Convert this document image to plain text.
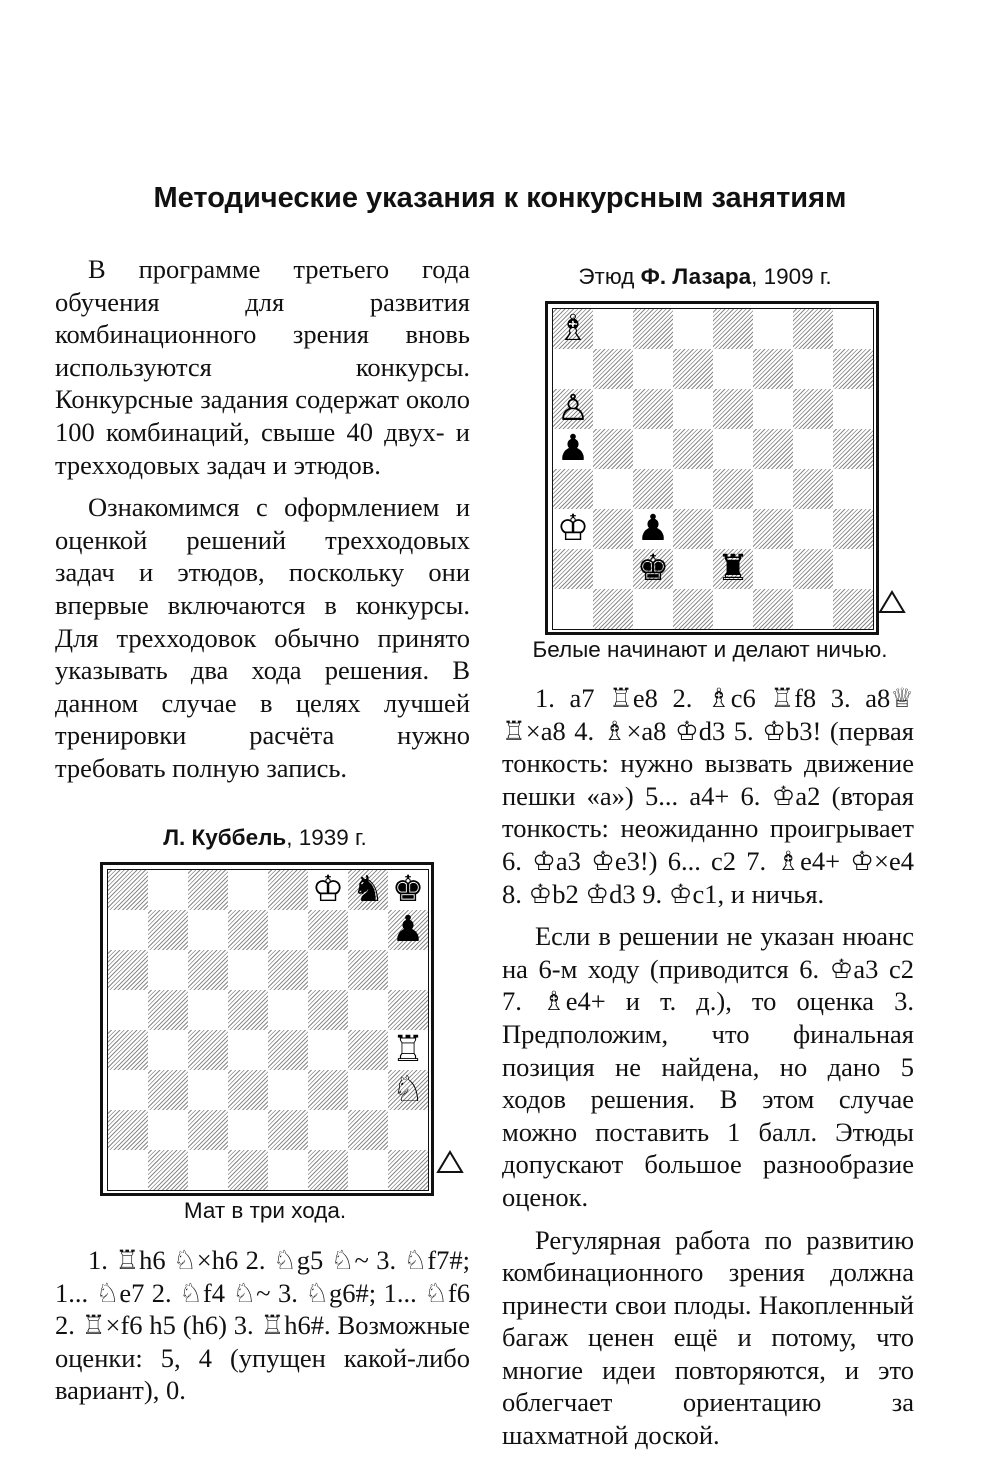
Методические указания к конкурсным занятиям

В программе третьего года обучения для развития комбинационного зрения вновь используются конкурсы. Конкурсные задания содержат около 100 комбинаций, свыше 40 двух- и трехходовых задач и этюдов.

Ознакомимся с оформлением и оценкой решений трехходовых задач и этюдов, поскольку они впервые включаются в конкурсы. Для трехходовок обычно принято указывать два хода решения. В данном случае в целях лучшей тренировки расчёта нужно требовать полную запись.

Л. Куббель, 1939 г.
♔ ♞ ♚
♟
♖
♘
Мат в три хода.

1. ♖h6 ♘×h6 2. ♘g5 ♘~ 3. ♘f7#; 1... ♘e7 2. ♘f4 ♘~ 3. ♘g6#; 1... ♘f6 2. ♖×f6 h5 (h6) 3. ♖h6#. Возможные оценки: 5, 4 (упущен какой-либо вариант), 0.

Этюд Ф. Лазара, 1909 г.
♗
♙
♟
♔ ♟
♚ ♜
Белые начинают и делают ничью.

1. a7 ♖e8 2. ♗c6 ♖f8 3. a8♕ ♖×a8 4. ♗×a8 ♔d3 5. ♔b3! (первая тонкость: нужно вызвать движение пешки «а») 5... a4+ 6. ♔a2 (вторая тонкость: неожиданно проигрывает 6. ♔a3 ♔e3!) 6... c2 7. ♗e4+ ♔×e4 8. ♔b2 ♔d3 9. ♔c1, и ничья.

Если в решении не указан нюанс на 6-м ходу (приводится 6. ♔a3 c2 7. ♗e4+ и т. д.), то оценка 3. Предположим, что финальная позиция не найдена, но дано 5 ходов решения. В этом случае можно поставить 1 балл. Этюды допускают большое разнообразие оценок.

Регулярная работа по развитию комбинационного зрения должна принести свои плоды. Накопленный багаж ценен ещё и потому, что многие идеи повторяются, и это облегчает ориентацию за шахматной доской.
